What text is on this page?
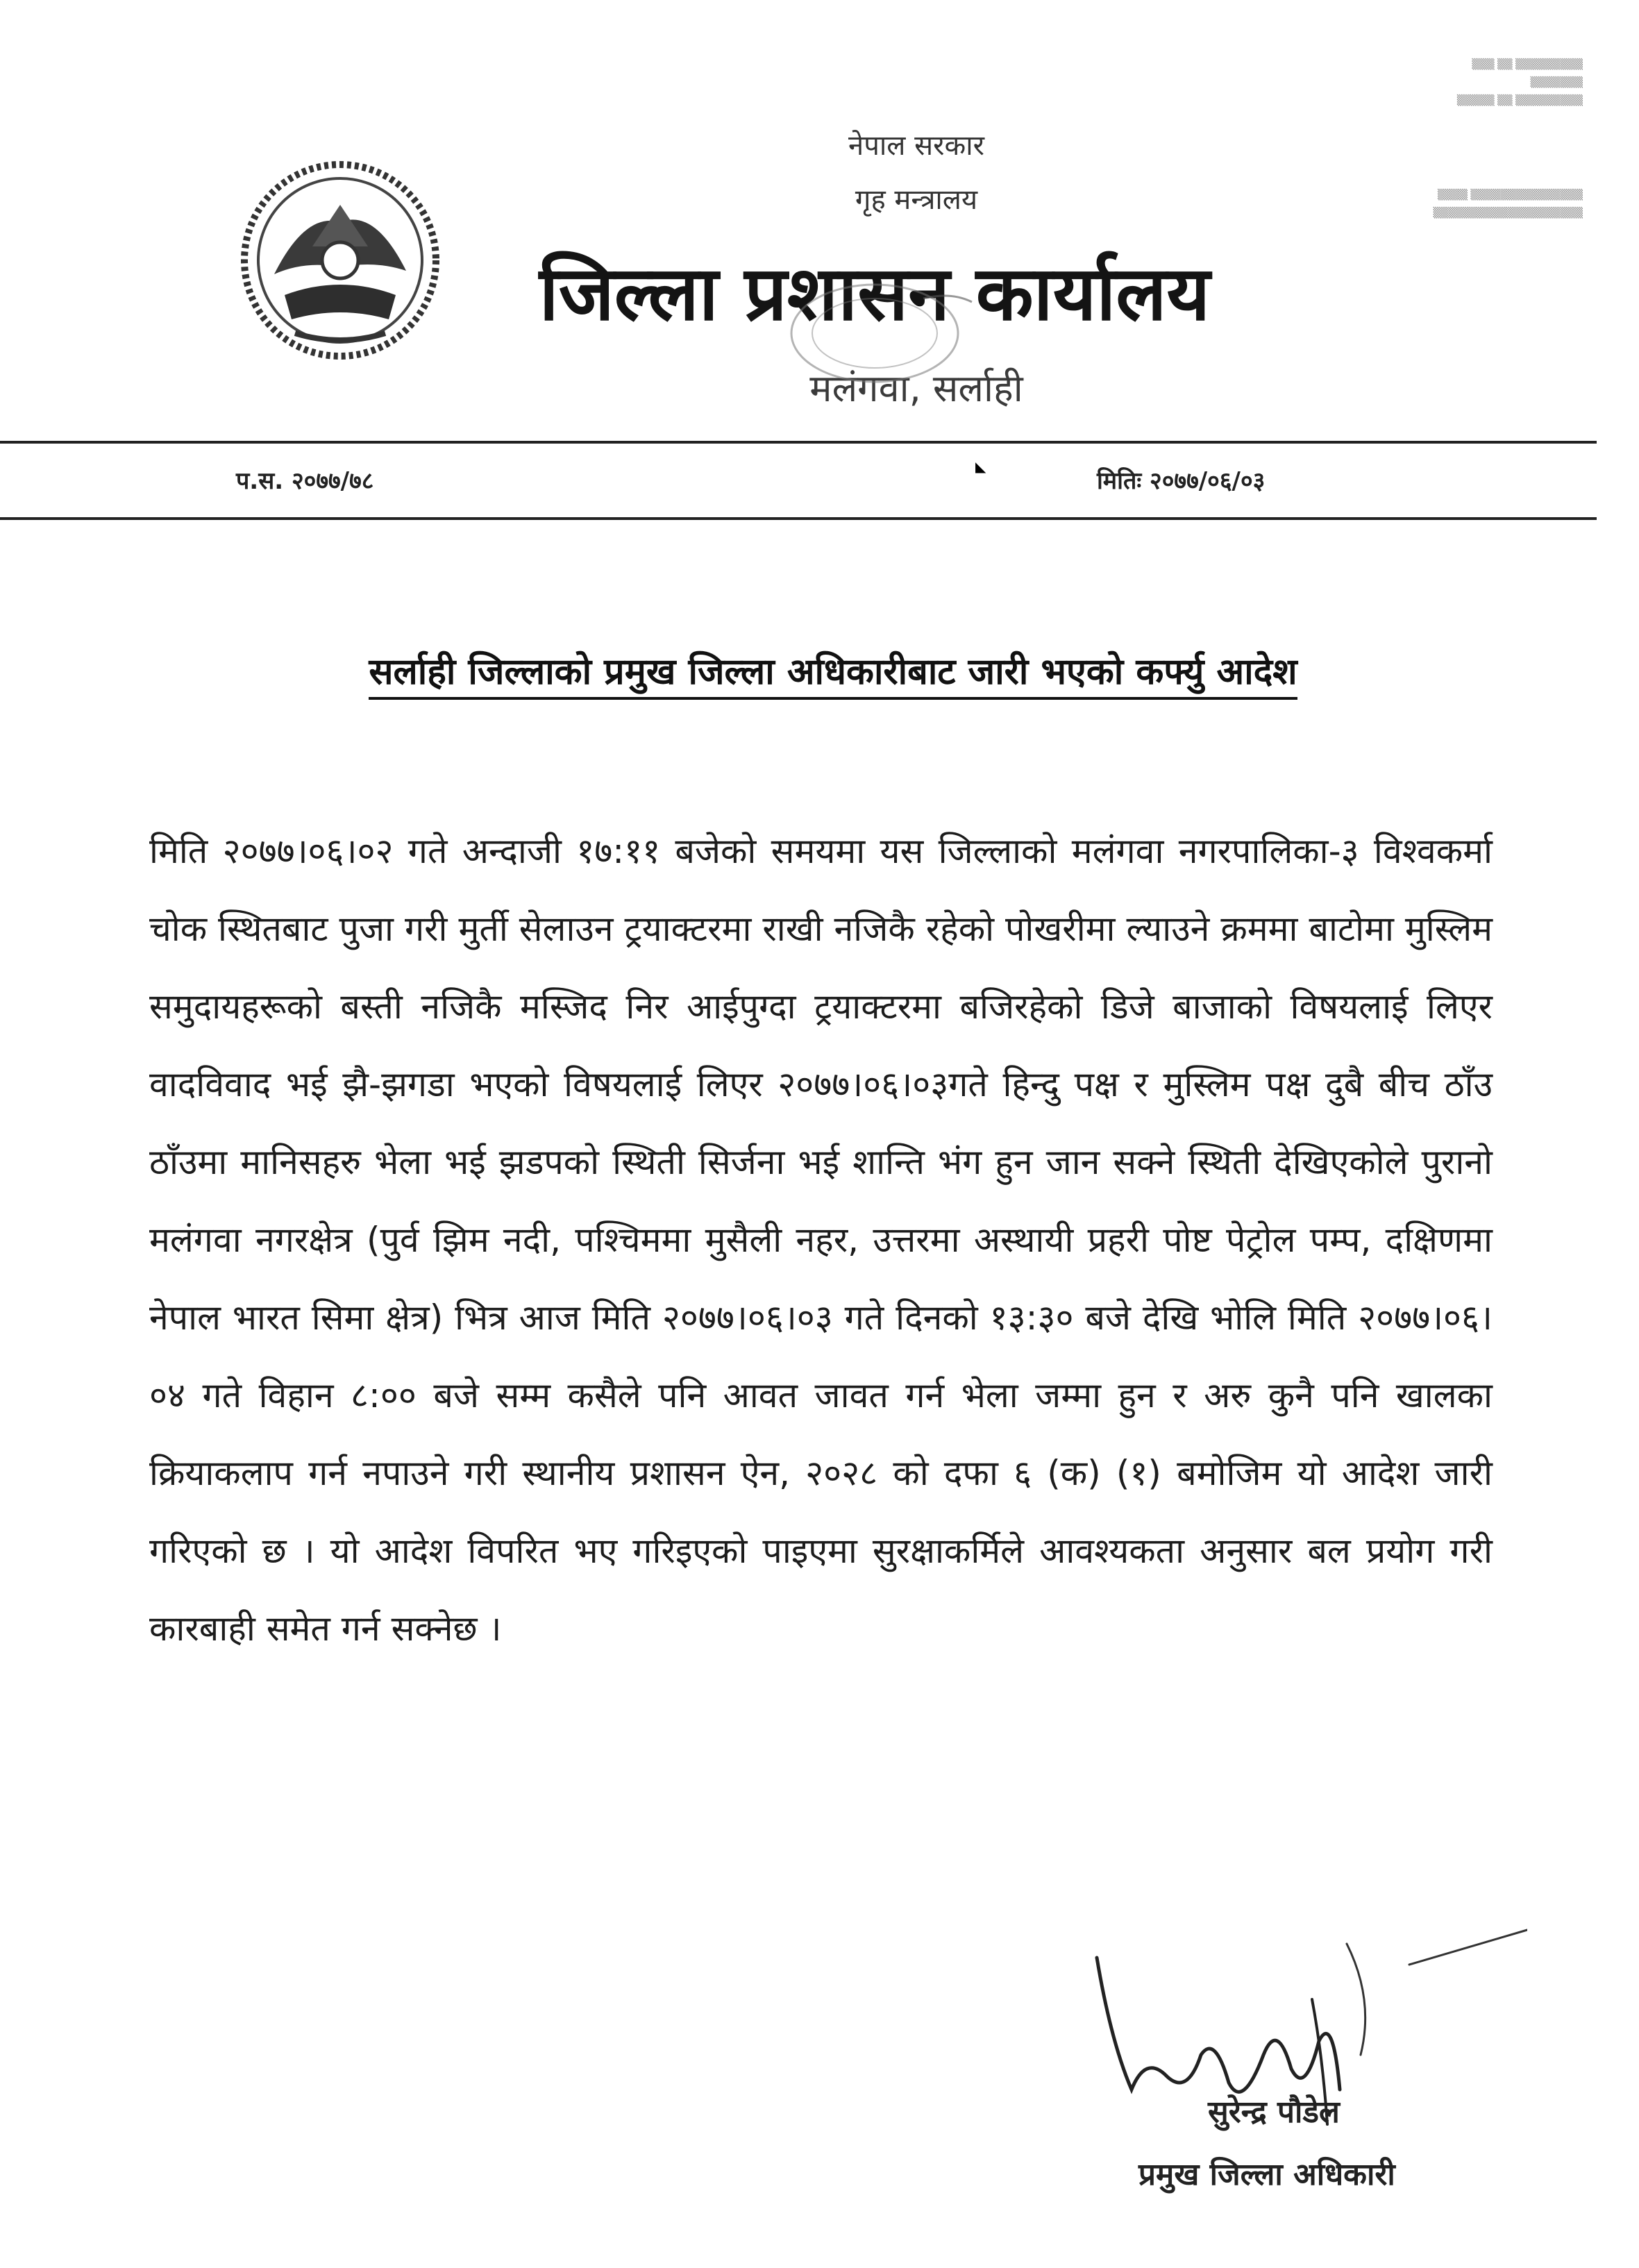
▒▒▒ ▒▒ ▒▒▒▒▒▒▒▒▒
▒▒▒▒▒▒▒
▒▒▒▒▒ ▒▒ ▒▒▒▒▒▒▒▒▒
▒▒▒▒ ▒▒▒▒▒▒▒▒▒▒▒▒▒▒▒
▒▒▒▒▒▒▒▒▒▒▒▒▒▒▒▒▒▒▒▒
नेपाल सरकार
गृह मन्त्रालय
जिल्ला प्रशासन कार्यालय
मलंगवा, सर्लाही
प.स. २०७७/७८
◣
मितिः २०७७/०६/०३
सर्लाही जिल्लाको प्रमुख जिल्ला अधिकारीबाट जारी भएको कर्फ्यु आदेश
मिति २०७७।०६।०२ गते अन्दाजी १७:११ बजेको समयमा यस जिल्लाको मलंगवा नगरपालिका-३ विश्वकर्मा चोक स्थितबाट पुजा गरी मुर्ती सेलाउन ट्रयाक्टरमा राखी नजिकै रहेको पोखरीमा ल्याउने क्रममा बाटोमा मुस्लिम समुदायहरूको बस्ती नजिकै मस्जिद निर आईपुग्दा ट्रयाक्टरमा बजिरहेको डिजे बाजाको विषयलाई लिएर वादविवाद भई झै-झगडा भएको विषयलाई लिएर २०७७।०६।०३गते हिन्दु पक्ष र मुस्लिम पक्ष दुबै बीच ठाँउ ठाँउमा मानिसहरु भेला भई झडपको स्थिती सिर्जना भई शान्ति भंग हुन जान सक्ने स्थिती देखिएकोले पुरानो मलंगवा नगरक्षेत्र (पुर्व झिम नदी, पश्चिममा मुसैली नहर, उत्तरमा अस्थायी प्रहरी पोष्ट पेट्रोल पम्प, दक्षिणमा नेपाल भारत सिमा क्षेत्र) भित्र आज मिति २०७७।०६।०३ गते दिनको १३:३० बजे देखि भोलि मिति २०७७।०६।०४ गते विहान ८:०० बजे सम्म कसैले पनि आवत जावत गर्न भेला जम्मा हुन र अरु कुनै पनि खालका क्रियाकलाप गर्न नपाउने गरी स्थानीय प्रशासन ऐन, २०२८ को दफा ६ (क) (१) बमोजिम यो आदेश जारी गरिएको छ । यो आदेश विपरित भए गरिइएको पाइएमा सुरक्षाकर्मिले आवश्यकता अनुसार बल प्रयोग गरी कारबाही समेत गर्न सक्नेछ ।
सुरेन्द्र पौडेल
प्रमुख जिल्ला अधिकारी
